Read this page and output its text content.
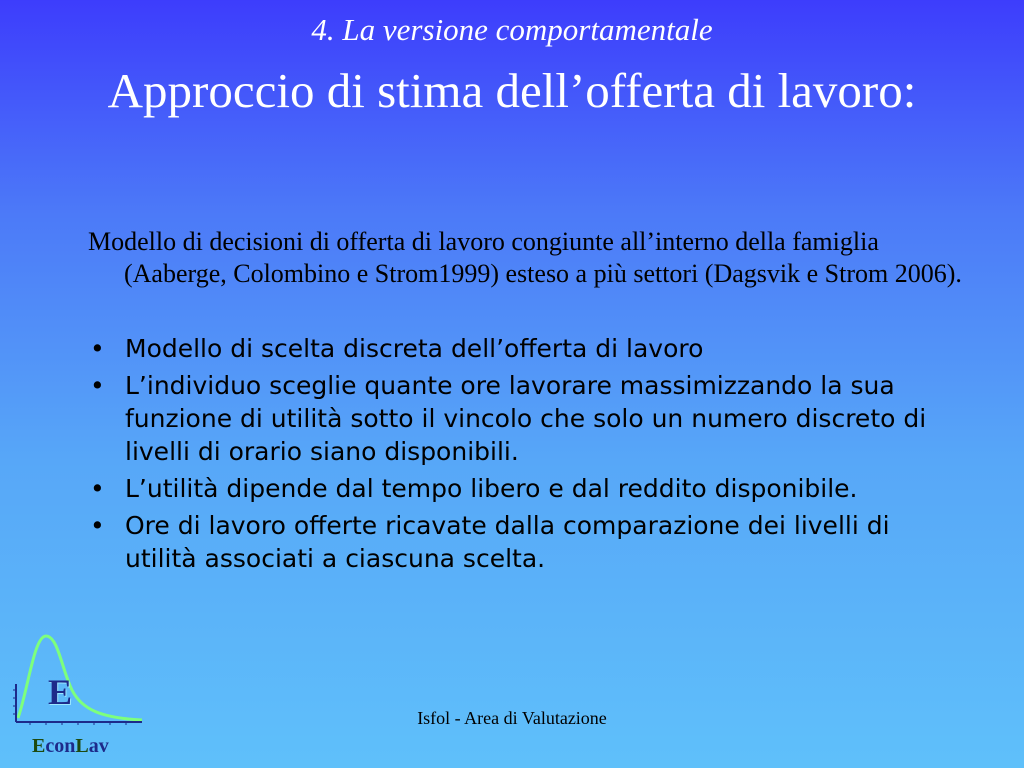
4. La versione comportamentale
Approccio di stima dell’offerta di lavoro:
Modello di decisioni di offerta di lavoro congiunte all’interno della famiglia (Aaberge, Colombino e Strom1999) esteso a più settori (Dagsvik e Strom 2006).
• Modello di scelta discreta dell’offerta di lavoro
• L’individuo sceglie quante ore lavorare massimizzando la sua funzione di utilità sotto il vincolo che solo un numero discreto di livelli di orario siano disponibili.
• L’utilità dipende dal tempo libero e dal reddito disponibile.
• Ore di lavoro offerte ricavate dalla comparazione dei livelli di utilità associati a ciascuna scelta.
Isfol - Area di Valutazione
E
EconLav
